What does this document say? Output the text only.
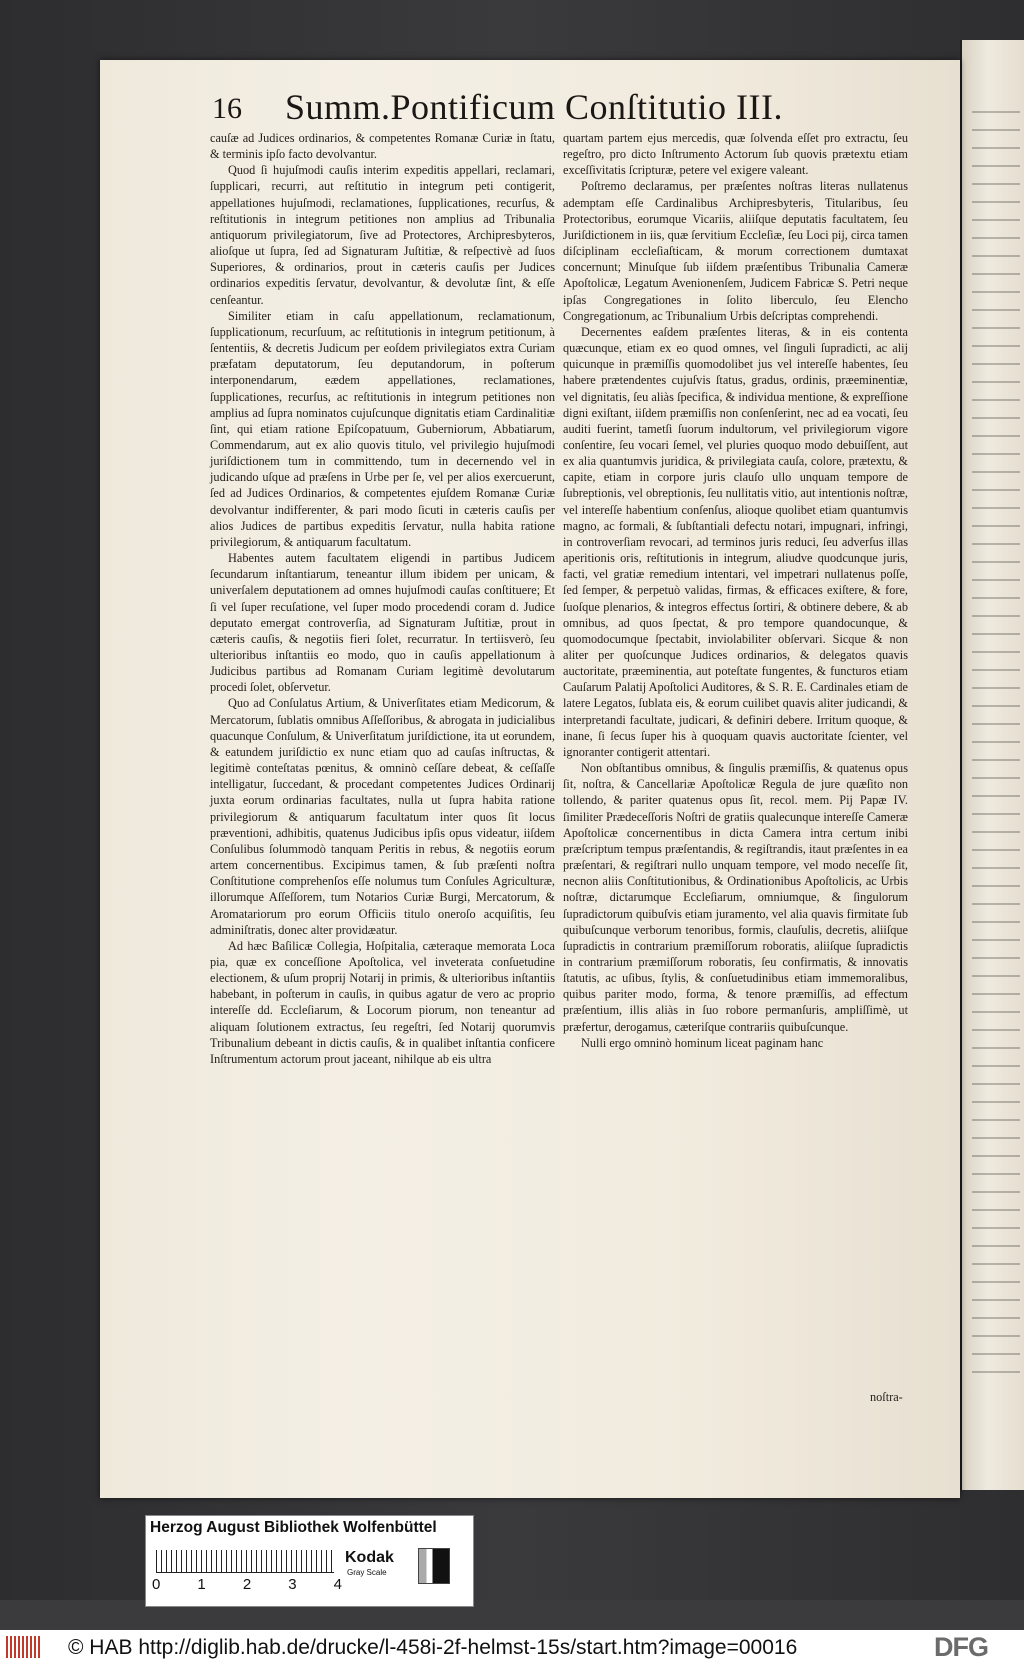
16 Summ.Pontificum Conſtitutio III.

cauſæ ad Judices ordinarios, & competentes Romanæ Curiæ in ſtatu, & terminis ipſo facto devolvantur.

Quod ſi hujuſmodi cauſis interim expeditis appellari, reclamari, ſupplicari, recurri, aut reſtitutio in integrum peti contigerit, appellationes hujuſmodi, reclamationes, ſupplicationes, recurſus, & reſtitutionis in integrum petitiones non amplius ad Tribunalia antiquorum privilegiatorum, ſive ad Protectores, Archipresbyteros, alioſque ut ſupra, ſed ad Signaturam Juſtitiæ, & reſpectivè ad ſuos Superiores, & ordinarios, prout in cæteris cauſis per Judices ordinarios expeditis ſervatur, devolvantur, & devolutæ ſint, & eſſe cenſeantur.

Similiter etiam in caſu appellationum, reclamationum, ſupplicationum, recurſuum, ac reſtitutionis in integrum petitionum, à ſententiis, & decretis Judicum per eoſdem privilegiatos extra Curiam præfatam deputatorum, ſeu deputandorum, in poſterum interponendarum, eædem appellationes, reclamationes, ſupplicationes, recurſus, ac reſtitutionis in integrum petitiones non amplius ad ſupra nominatos cujuſcunque dignitatis etiam Cardinalitiæ ſint, qui etiam ratione Epiſcopatuum, Guberniorum, Abbatiarum, Commendarum, aut ex alio quovis titulo, vel privilegio hujuſmodi juriſdictionem tum in committendo, tum in decernendo vel in judicando uſque ad præſens in Urbe per ſe, vel per alios exercuerunt, ſed ad Judices Ordinarios, & competentes ejuſdem Romanæ Curiæ devolvantur indifferenter, & pari modo ſicuti in cæteris cauſis per alios Judices de partibus expeditis ſervatur, nulla habita ratione privilegiorum, & antiquarum facultatum.

Habentes autem facultatem eligendi in partibus Judicem ſecundarum inſtantiarum, teneantur illum ibidem per unicam, & univerſalem deputationem ad omnes hujuſmodi cauſas conſtituere; Et ſi vel ſuper recuſatione, vel ſuper modo procedendi coram d. Judice deputato emergat controverſia, ad Signaturam Juſtitiæ, prout in cæteris cauſis, & negotiis fieri ſolet, recurratur. In tertiisverò, ſeu ulterioribus inſtantiis eo modo, quo in cauſis appellationum à Judicibus partibus ad Romanam Curiam legitimè devolutarum procedi ſolet, obſervetur.

Quo ad Conſulatus Artium, & Univerſitates etiam Medicorum, & Mercatorum, ſublatis omnibus Aſſeſſoribus, & abrogata in judicialibus quacunque Conſulum, & Univerſitatum juriſdictione, ita ut eorundem, & eatundem juriſdictio ex nunc etiam quo ad cauſas inſtructas, & legitimè conteſtatas pœnitus, & omninò ceſſare debeat, & ceſſaſſe intelligatur, ſuccedant, & procedant competentes Judices Ordinarij juxta eorum ordinarias facultates, nulla ut ſupra habita ratione privilegiorum & antiquarum facultatum inter quos ſit locus præventioni, adhibitis, quatenus Judicibus ipſis opus videatur, iiſdem Conſulibus ſolummodò tanquam Peritis in rebus, & negotiis eorum artem concernentibus. Excipimus tamen, & ſub præſenti noſtra Conſtitutione comprehenſos eſſe nolumus tum Conſules Agriculturæ, illorumque Aſſeſſorem, tum Notarios Curiæ Burgi, Mercatorum, & Aromatariorum pro eorum Officiis titulo oneroſo acquiſitis, ſeu adminiſtratis, donec alter providæatur.

Ad hæc Baſilicæ Collegia, Hoſpitalia, cæteraque memorata Loca pia, quæ ex conceſſione Apoſtolica, vel inveterata conſuetudine electionem, & uſum proprij Notarij in primis, & ulterioribus inſtantiis habebant, in poſterum in cauſis, in quibus agatur de vero ac proprio intereſſe dd. Eccleſiarum, & Locorum piorum, non teneantur ad aliquam ſolutionem extractus, ſeu regeſtri, ſed Notarij quorumvis Tribunalium debeant in dictis cauſis, & in qualibet inſtantia conficere Inſtrumentum actorum prout jaceant, nihilque ab eis ultra

quartam partem ejus mercedis, quæ ſolvenda eſſet pro extractu, ſeu regeſtro, pro dicto Inſtrumento Actorum ſub quovis prætextu etiam exceſſivitatis ſcripturæ, petere vel exigere valeant.

Poſtremo declaramus, per præſentes noſtras literas nullatenus ademptam eſſe Cardinalibus Archipresbyteris, Titularibus, ſeu Protectoribus, eorumque Vicariis, aliiſque deputatis facultatem, ſeu Juriſdictionem in iis, quæ ſervitium Eccleſiæ, ſeu Loci pij, circa tamen diſciplinam eccleſiaſticam, & morum correctionem dumtaxat concernunt; Minuſque ſub iiſdem præſentibus Tribunalia Cameræ Apoſtolicæ, Legatum Avenionenſem, Judicem Fabricæ S. Petri neque ipſas Congregationes in ſolito liberculo, ſeu Elencho Congregationum, ac Tribunalium Urbis deſcriptas comprehendi.

Decernentes eaſdem præſentes literas, & in eis contenta quæcunque, etiam ex eo quod omnes, vel ſinguli ſupradicti, ac alij quicunque in præmiſſis quomodolibet jus vel intereſſe habentes, ſeu habere prætendentes cujuſvis ſtatus, gradus, ordinis, præeminentiæ, vel dignitatis, ſeu aliàs ſpecifica, & individua mentione, & expreſſione digni exiſtant, iiſdem præmiſſis non conſenſerint, nec ad ea vocati, ſeu auditi fuerint, tametſi ſuorum indultorum, vel privilegiorum vigore conſentire, ſeu vocari ſemel, vel pluries quoquo modo debuiſſent, aut ex alia quantumvis juridica, & privilegiata cauſa, colore, prætextu, & capite, etiam in corpore juris clauſo ullo unquam tempore de ſubreptionis, vel obreptionis, ſeu nullitatis vitio, aut intentionis noſtræ, vel intereſſe habentium conſenſus, alioque quolibet etiam quantumvis magno, ac formali, & ſubſtantiali defectu notari, impugnari, infringi, in controverſiam revocari, ad terminos juris reduci, ſeu adverſus illas aperitionis oris, reſtitutionis in integrum, aliudve quodcunque juris, facti, vel gratiæ remedium intentari, vel impetrari nullatenus poſſe, ſed ſemper, & perpetuò validas, firmas, & efficaces exiſtere, & fore, ſuoſque plenarios, & integros effectus ſortiri, & obtinere debere, & ab omnibus, ad quos ſpectat, & pro tempore quandocunque, & quomodocumque ſpectabit, inviolabiliter obſervari. Sicque & non aliter per quoſcunque Judices ordinarios, & delegatos quavis auctoritate, præeminentia, aut poteſtate fungentes, & functuros etiam Cauſarum Palatij Apoſtolici Auditores, & S. R. E. Cardinales etiam de latere Legatos, ſublata eis, & eorum cuilibet quavis aliter judicandi, & interpretandi facultate, judicari, & definiri debere. Irritum quoque, & inane, ſi ſecus ſuper his à quoquam quavis auctoritate ſcienter, vel ignoranter contigerit attentari.

Non obſtantibus omnibus, & ſingulis præmiſſis, & quatenus opus ſit, noſtra, & Cancellariæ Apoſtolicæ Regula de jure quæſito non tollendo, & pariter quatenus opus ſit, recol. mem. Pij Papæ IV. ſimiliter Prædeceſſoris Noſtri de gratiis qualecunque intereſſe Cameræ Apoſtolicæ concernentibus in dicta Camera intra certum inibi præſcriptum tempus præſentandis, & regiſtrandis, itaut præſentes in ea præſentari, & regiſtrari nullo unquam tempore, vel modo neceſſe ſit, necnon aliis Conſtitutionibus, & Ordinationibus Apoſtolicis, ac Urbis noſtræ, dictarumque Eccleſiarum, omniumque, & ſingulorum ſupradictorum quibuſvis etiam juramento, vel alia quavis firmitate ſub quibuſcunque verborum tenoribus, formis, clauſulis, decretis, aliiſque ſupradictis in contrarium præmiſſorum roboratis, aliiſque ſupradictis in contrarium præmiſſorum roboratis, ſeu confirmatis, & innovatis ſtatutis, ac uſibus, ſtylis, & conſuetudinibus etiam immemoralibus, quibus pariter modo, forma, & tenore præmiſſis, ad effectum præſentium, illis aliàs in ſuo robore permanſuris, ampliſſimè, ut præfertur, derogamus, cæteriſque contrariis quibuſcunque.

Nulli ergo omninò hominum liceat paginam hanc

noſtra-
Herzog August Bibliothek Wolfenbüttel
0 1 2 3 4
Kodak
Gray Scale
© HAB http://diglib.hab.de/drucke/l-458i-2f-helmst-15s/start.htm?image=00016	DFG
